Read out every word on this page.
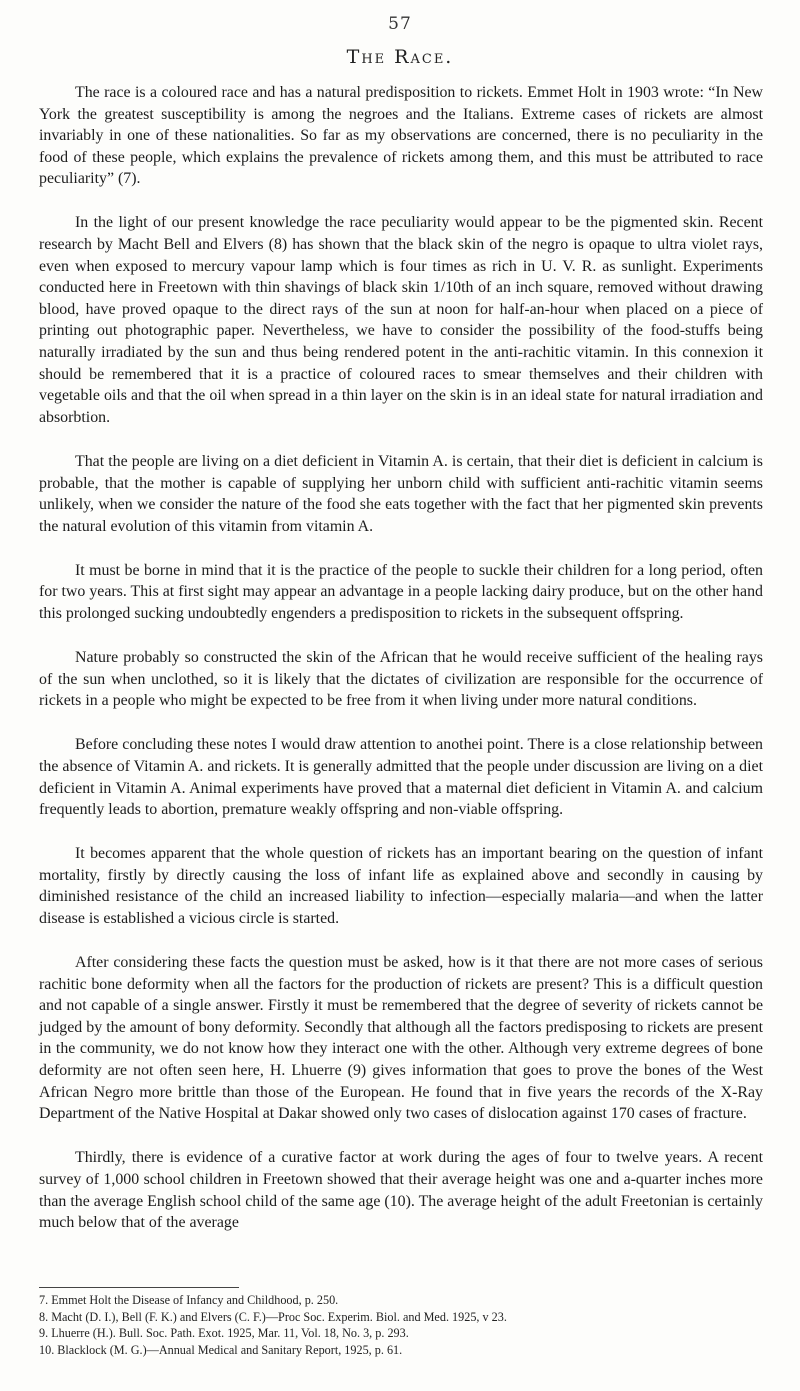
57
The Race.

The race is a coloured race and has a natural predisposition to rickets. Emmet Holt in 1903 wrote: “In New York the greatest susceptibility is among the negroes and the Italians. Extreme cases of rickets are almost invariably in one of these nationalities. So far as my observations are concerned, there is no peculiarity in the food of these people, which explains the prevalence of rickets among them, and this must be attributed to race peculiarity” (7).

In the light of our present knowledge the race peculiarity would appear to be the pigmented skin. Recent research by Macht Bell and Elvers (8) has shown that the black skin of the negro is opaque to ultra violet rays, even when exposed to mercury vapour lamp which is four times as rich in U. V. R. as sunlight. Experiments conducted here in Freetown with thin shavings of black skin 1/10th of an inch square, removed without drawing blood, have proved opaque to the direct rays of the sun at noon for half-an-hour when placed on a piece of printing out photographic paper. Nevertheless, we have to consider the possibility of the food-stuffs being naturally irradiated by the sun and thus being rendered potent in the anti-rachitic vitamin. In this connexion it should be remembered that it is a practice of coloured races to smear themselves and their children with vegetable oils and that the oil when spread in a thin layer on the skin is in an ideal state for natural irradiation and absorbtion.

That the people are living on a diet deficient in Vitamin A. is certain, that their diet is deficient in calcium is probable, that the mother is capable of supplying her unborn child with sufficient anti-rachitic vitamin seems unlikely, when we consider the nature of the food she eats together with the fact that her pigmented skin prevents the natural evolution of this vitamin from vitamin A.

It must be borne in mind that it is the practice of the people to suckle their children for a long period, often for two years. This at first sight may appear an advantage in a people lacking dairy produce, but on the other hand this prolonged sucking undoubtedly engenders a predisposition to rickets in the subsequent offspring.

Nature probably so constructed the skin of the African that he would receive sufficient of the healing rays of the sun when unclothed, so it is likely that the dictates of civilization are responsible for the occurrence of rickets in a people who might be expected to be free from it when living under more natural conditions.

Before concluding these notes I would draw attention to anothei point. There is a close relationship between the absence of Vitamin A. and rickets. It is generally admitted that the people under discussion are living on a diet deficient in Vitamin A. Animal experiments have proved that a maternal diet deficient in Vitamin A. and calcium frequently leads to abortion, premature weakly offspring and non-viable offspring.

It becomes apparent that the whole question of rickets has an important bearing on the question of infant mortality, firstly by directly causing the loss of infant life as explained above and secondly in causing by diminished resistance of the child an increased liability to infection—especially malaria—and when the latter disease is established a vicious circle is started.

After considering these facts the question must be asked, how is it that there are not more cases of serious rachitic bone deformity when all the factors for the production of rickets are present? This is a difficult question and not capable of a single answer. Firstly it must be remembered that the degree of severity of rickets cannot be judged by the amount of bony deformity. Secondly that although all the factors predisposing to rickets are present in the community, we do not know how they interact one with the other. Although very extreme degrees of bone deformity are not often seen here, H. Lhuerre (9) gives information that goes to prove the bones of the West African Negro more brittle than those of the European. He found that in five years the records of the X-Ray Department of the Native Hospital at Dakar showed only two cases of dislocation against 170 cases of fracture.

Thirdly, there is evidence of a curative factor at work during the ages of four to twelve years. A recent survey of 1,000 school children in Freetown showed that their average height was one and a-quarter inches more than the average English school child of the same age (10). The average height of the adult Freetonian is certainly much below that of the average

7. Emmet Holt the Disease of Infancy and Childhood, p. 250.
8. Macht (D. I.), Bell (F. K.) and Elvers (C. F.)—Proc Soc. Experim. Biol. and Med. 1925, v 23.
9. Lhuerre (H.). Bull. Soc. Path. Exot. 1925, Mar. 11, Vol. 18, No. 3, p. 293.
10. Blacklock (M. G.)—Annual Medical and Sanitary Report, 1925, p. 61.
